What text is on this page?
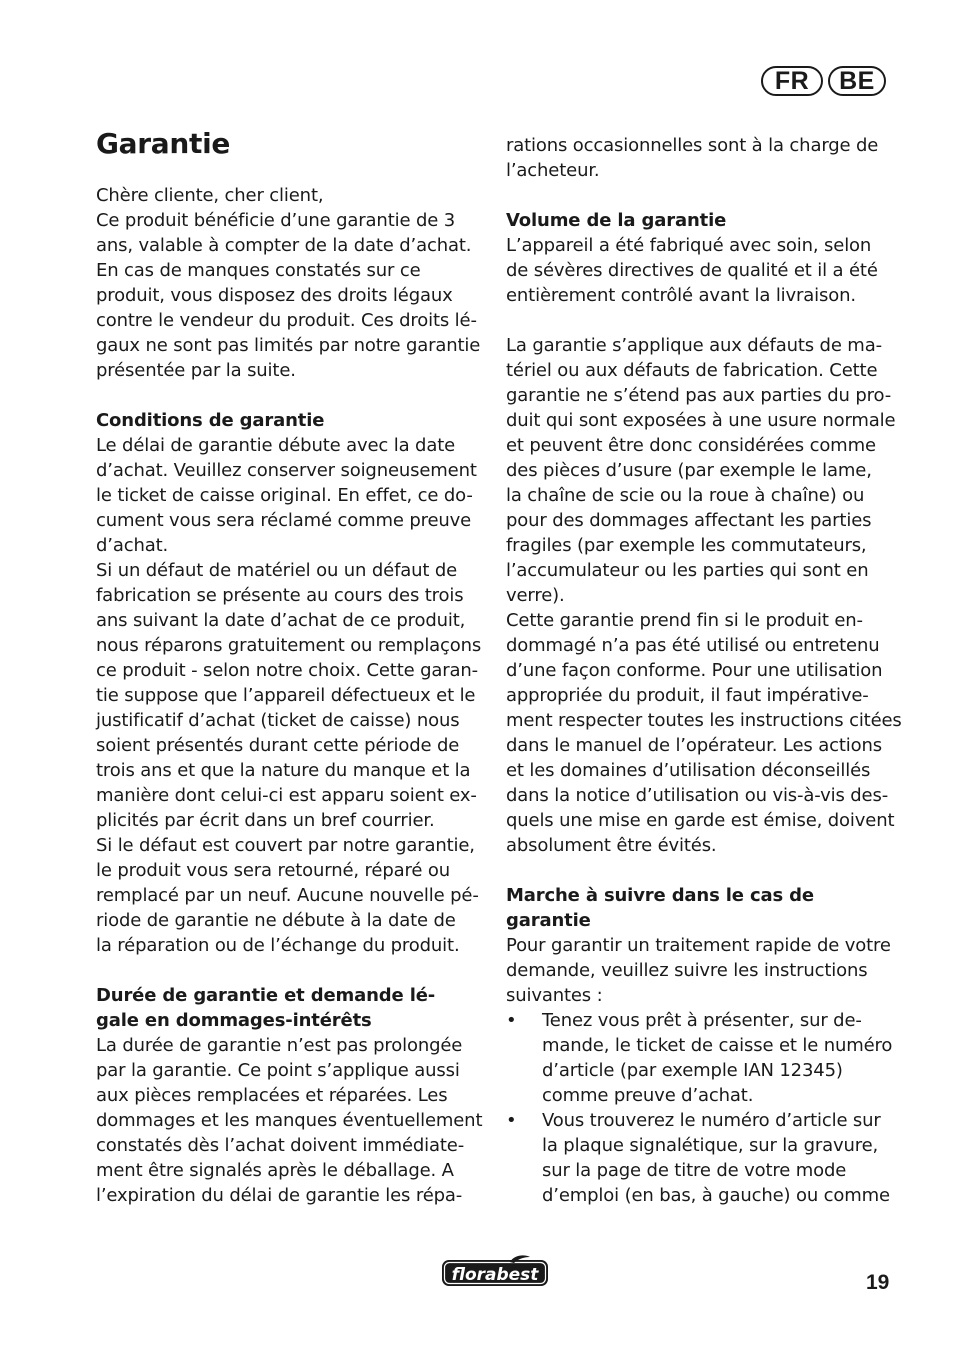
FR	BE
Garantie
Chère cliente, cher client,
Ce produit bénéficie d’une garantie de 3
ans, valable à compter de la date d’achat.
En cas de manques constatés sur ce
produit, vous disposez des droits légaux
contre le vendeur du produit. Ces droits lé-
gaux ne sont pas limités par notre garantie
présentée par la suite.
Conditions de garantie
Le délai de garantie débute avec la date
d’achat. Veuillez conserver soigneusement
le ticket de caisse original. En effet, ce do-
cument vous sera réclamé comme preuve
d’achat.
Si un défaut de matériel ou un défaut de
fabrication se présente au cours des trois
ans suivant la date d’achat de ce produit,
nous réparons gratuitement ou remplaçons
ce produit - selon notre choix. Cette garan-
tie suppose que l’appareil défectueux et le
justificatif d’achat (ticket de caisse) nous
soient présentés durant cette période de
trois ans et que la nature du manque et la
manière dont celui-ci est apparu soient ex-
plicités par écrit dans un bref courrier.
Si le défaut est couvert par notre garantie,
le produit vous sera retourné, réparé ou
remplacé par un neuf. Aucune nouvelle pé-
riode de garantie ne débute à la date de
la réparation ou de l’échange du produit.
Durée de garantie et demande lé-
gale en dommages-intérêts
La durée de garantie n’est pas prolongée
par la garantie. Ce point s’applique aussi
aux pièces remplacées et réparées. Les
dommages et les manques éventuellement
constatés dès l’achat doivent immédiate-
ment être signalés après le déballage. A
l’expiration du délai de garantie les répa-
rations occasionnelles sont à la charge de
l’acheteur.
Volume de la garantie
L’appareil a été fabriqué avec soin, selon
de sévères directives de qualité et il a été
entièrement contrôlé avant la livraison.
La garantie s’applique aux défauts de ma-
tériel ou aux défauts de fabrication. Cette
garantie ne s’étend pas aux parties du pro-
duit qui sont exposées à une usure normale
et peuvent être donc considérées comme
des pièces d’usure (par exemple le lame,
la chaîne de scie ou la roue à chaîne) ou
pour des dommages affectant les parties
fragiles (par exemple les commutateurs,
l’accumulateur ou les parties qui sont en
verre).
Cette garantie prend fin si le produit en-
dommagé n’a pas été utilisé ou entretenu
d’une façon conforme. Pour une utilisation
appropriée du produit, il faut impérative-
ment respecter toutes les instructions citées
dans le manuel de l’opérateur. Les actions
et les domaines d’utilisation déconseillés
dans la notice d’utilisation ou vis-à-vis des-
quels une mise en garde est émise, doivent
absolument être évités.
Marche à suivre dans le cas de
garantie
Pour garantir un traitement rapide de votre
demande, veuillez suivre les instructions
suivantes :
• Tenez vous prêt à présenter, sur de-
mande, le ticket de caisse et le numéro
d’article (par exemple IAN 12345)
comme preuve d’achat.
• Vous trouverez le numéro d’article sur
la plaque signalétique, sur la gravure,
sur la page de titre de votre mode
d’emploi (en bas, à gauche) ou comme
florabest	19
